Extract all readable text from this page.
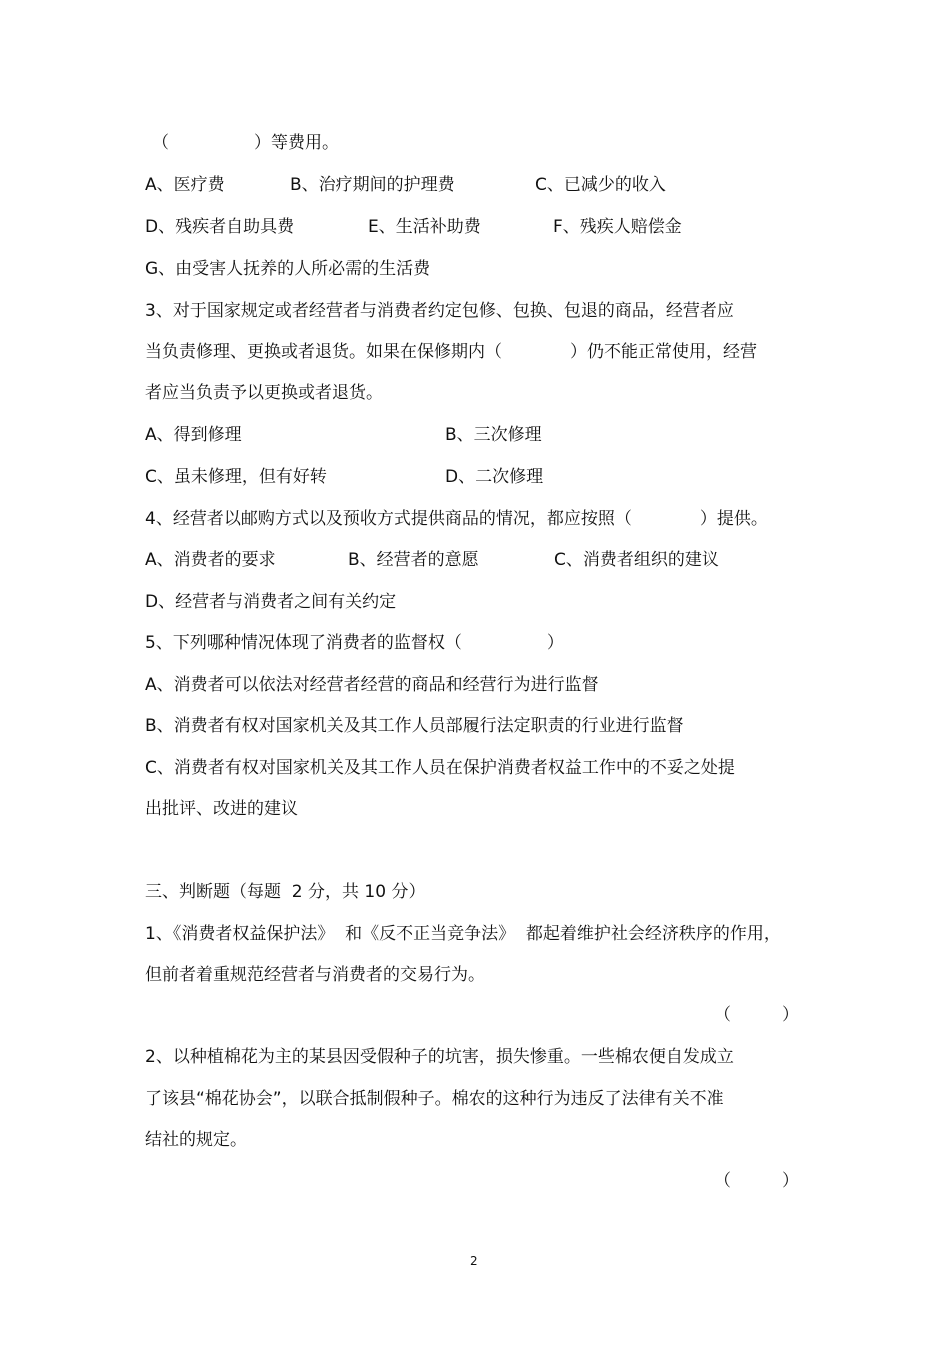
（　　　　　）等费用。
A、医疗费	B、治疗期间的护理费	C、已减少的收入
D、残疾者自助具费	E、生活补助费	F、残疾人赔偿金
G、由受害人抚养的人所必需的生活费
3、对于国家规定或者经营者与消费者约定包修、包换、包退的商品，经营者应
当负责修理、更换或者退货。如果在保修期内（　　　　）仍不能正常使用，经营
者应当负责予以更换或者退货。
A、得到修理	B、三次修理
C、虽未修理，但有好转	D、二次修理
4、经营者以邮购方式以及预收方式提供商品的情况，都应按照（　　　　）提供。
A、消费者的要求	B、经营者的意愿	C、消费者组织的建议
D、经营者与消费者之间有关约定
5、下列哪种情况体现了消费者的监督权（　　　　　）
A、消费者可以依法对经营者经营的商品和经营行为进行监督
B、消费者有权对国家机关及其工作人员部履行法定职责的行业进行监督
C、消费者有权对国家机关及其工作人员在保护消费者权益工作中的不妥之处提
出批评、改进的建议
三、判断题（每题  2 分，共 10 分）
1、《消费者权益保护法》  和《反不正当竞争法》  都起着维护社会经济秩序的作用，
但前者着重规范经营者与消费者的交易行为。
（　　　）
2、以种植棉花为主的某县因受假种子的坑害，损失惨重。一些棉农便自发成立
了该县“棉花协会”，以联合抵制假种子。棉农的这种行为违反了法律有关不准
结社的规定。
（　　　）
2
